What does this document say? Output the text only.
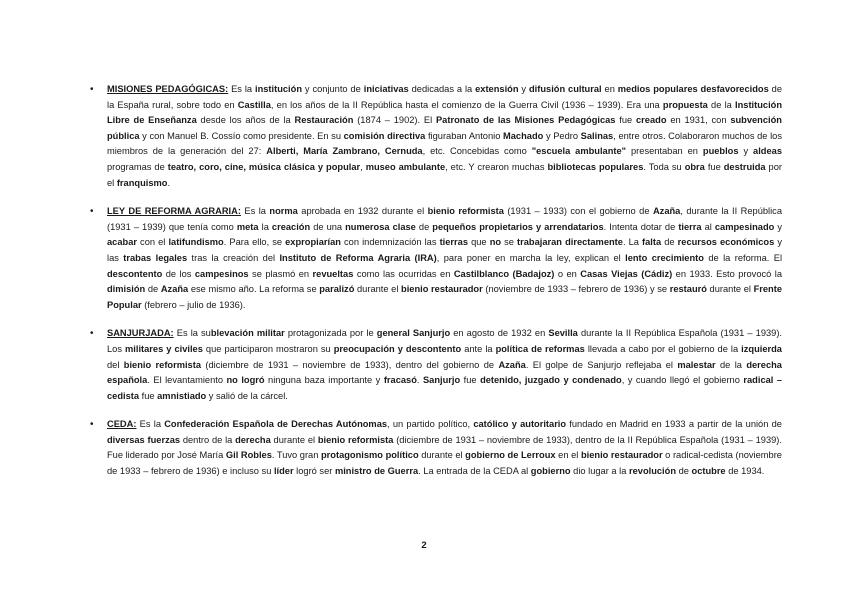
• MISIONES PEDAGÓGICAS: Es la institución y conjunto de iniciativas dedicadas a la extensión y difusión cultural en medios populares desfavorecidos de la España rural, sobre todo en Castilla, en los años de la II República hasta el comienzo de la Guerra Civil (1936 – 1939). Era una propuesta de la Institución Libre de Enseñanza desde los años de la Restauración (1874 – 1902). El Patronato de las Misiones Pedagógicas fue creado en 1931, con subvención pública y con Manuel B. Cossío como presidente. En su comisión directiva figuraban Antonio Machado y Pedro Salinas, entre otros. Colaboraron muchos de los miembros de la generación del 27: Alberti, María Zambrano, Cernuda, etc. Concebidas como "escuela ambulante" presentaban en pueblos y aldeas programas de teatro, coro, cine, música clásica y popular, museo ambulante, etc. Y crearon muchas bibliotecas populares. Toda su obra fue destruida por el franquismo.
• LEY DE REFORMA AGRARIA: Es la norma aprobada en 1932 durante el bienio reformista (1931 – 1933) con el gobierno de Azaña, durante la II República (1931 – 1939) que tenía como meta la creación de una numerosa clase de pequeños propietarios y arrendatarios. Intenta dotar de tierra al campesinado y acabar con el latifundismo. Para ello, se expropiarían con indemnización las tierras que no se trabajaran directamente. La falta de recursos económicos y las trabas legales tras la creación del Instituto de Reforma Agraria (IRA), para poner en marcha la ley, explican el lento crecimiento de la reforma. El descontento de los campesinos se plasmó en revueltas como las ocurridas en Castilblanco (Badajoz) o en Casas Viejas (Cádiz) en 1933. Esto provocó la dimisión de Azaña ese mismo año. La reforma se paralizó durante el bienio restaurador (noviembre de 1933 – febrero de 1936) y se restauró durante el Frente Popular (febrero – julio de 1936).
• SANJURJADA: Es la sublevación militar protagonizada por le general Sanjurjo en agosto de 1932 en Sevilla durante la II República Española (1931 – 1939). Los militares y civiles que participaron mostraron su preocupación y descontento ante la política de reformas llevada a cabo por el gobierno de la izquierda del bienio reformista (diciembre de 1931 – noviembre de 1933), dentro del gobierno de Azaña. El golpe de Sanjurjo reflejaba el malestar de la derecha española. El levantamiento no logró ninguna baza importante y fracasó. Sanjurjo fue detenido, juzgado y condenado, y cuando llegó el gobierno radical – cedista fue amnistiado y salió de la cárcel.
• CEDA: Es la Confederación Española de Derechas Autónomas, un partido político, católico y autoritario fundado en Madrid en 1933 a partir de la unión de diversas fuerzas dentro de la derecha durante el bienio reformista (diciembre de 1931 – noviembre de 1933), dentro de la II República Española (1931 – 1939). Fue liderado por José María Gil Robles. Tuvo gran protagonismo político durante el gobierno de Lerroux en el bienio restaurador o radical-cedista (noviembre de 1933 – febrero de 1936) e incluso su líder logró ser ministro de Guerra. La entrada de la CEDA al gobierno dio lugar a la revolución de octubre de 1934.
2
